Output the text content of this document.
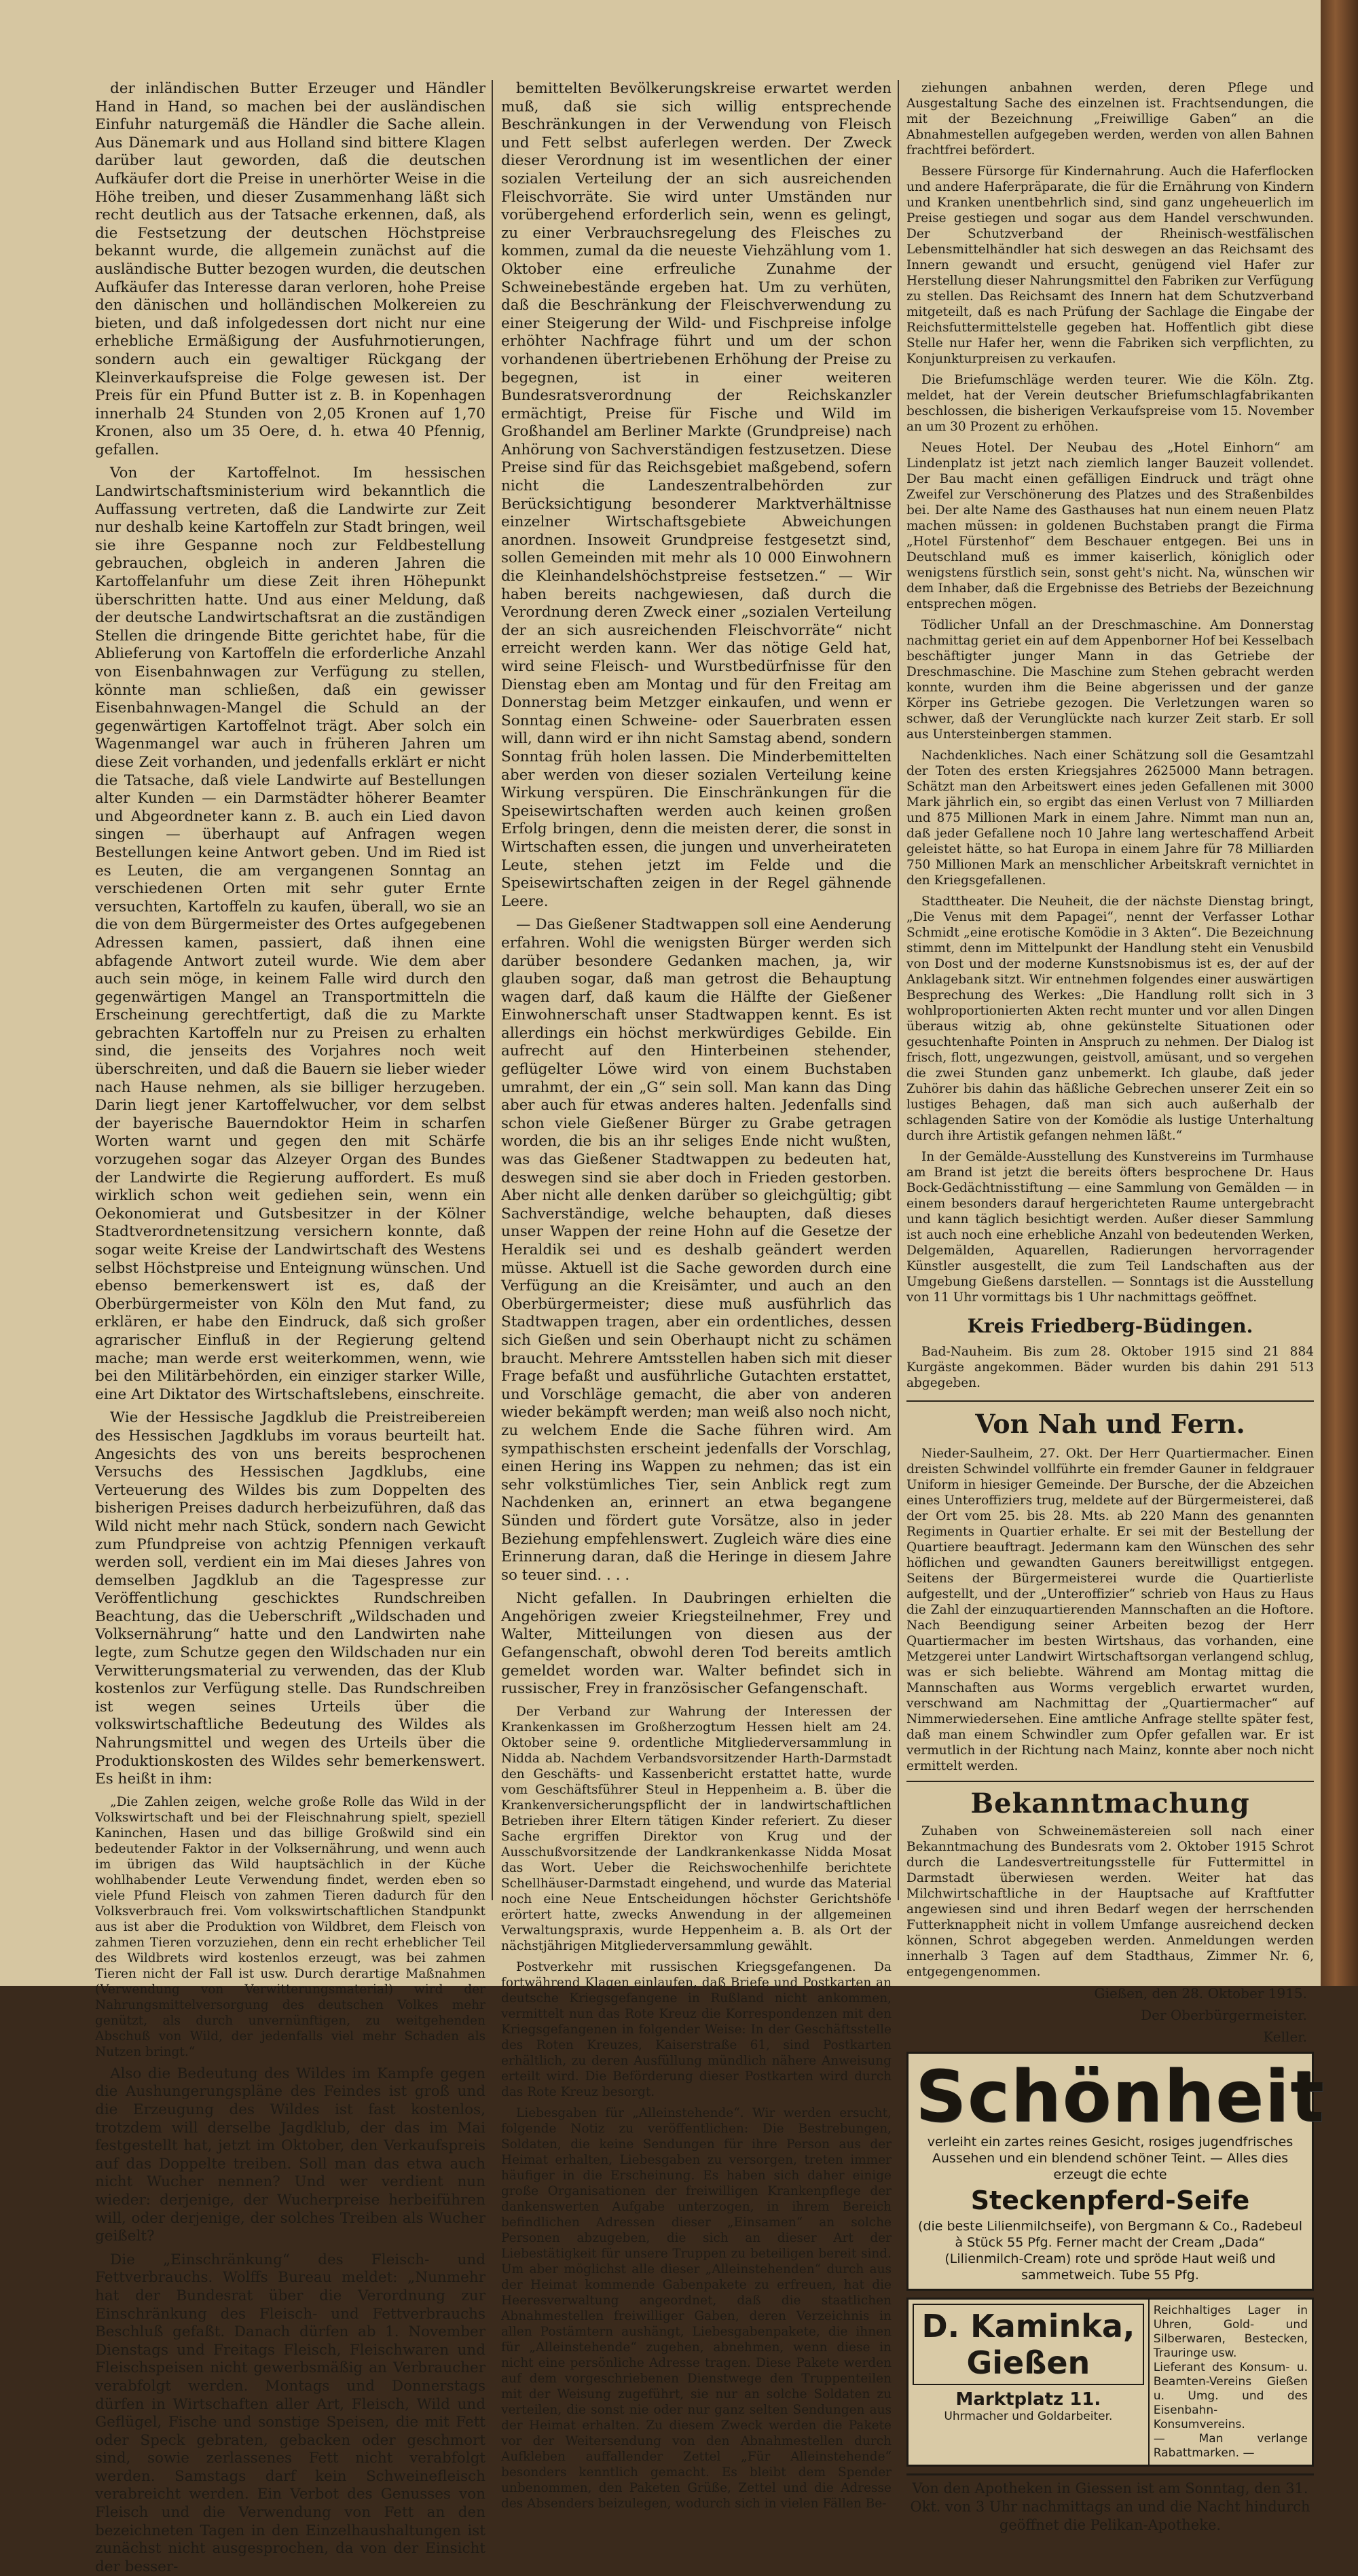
der inländischen Butter Erzeuger und Händler Hand in Hand, so machen bei der ausländischen Einfuhr naturgemäß die Händler die Sache allein. Aus Dänemark und aus Holland sind bittere Klagen darüber laut geworden, daß die deutschen Aufkäufer dort die Preise in unerhörter Weise in die Höhe treiben, und dieser Zusammenhang läßt sich recht deutlich aus der Tatsache erkennen, daß, als die Festsetzung der deutschen Höchstpreise bekannt wurde, die allgemein zunächst auf die ausländische Butter bezogen wurden, die deutschen Aufkäufer das Interesse daran verloren, hohe Preise den dänischen und holländischen Molkereien zu bieten, und daß infolgedessen dort nicht nur eine erhebliche Ermäßigung der Ausfuhrnotierungen, sondern auch ein gewaltiger Rückgang der Kleinverkaufspreise die Folge gewesen ist. Der Preis für ein Pfund Butter ist z. B. in Kopenhagen innerhalb 24 Stunden von 2,05 Kronen auf 1,70 Kronen, also um 35 Oere, d. h. etwa 40 Pfennig, gefallen.

Von der Kartoffelnot. Im hessischen Landwirtschaftsministerium wird bekanntlich die Auffassung vertreten, daß die Landwirte zur Zeit nur deshalb keine Kartoffeln zur Stadt bringen, weil sie ihre Gespanne noch zur Feldbestellung gebrauchen, obgleich in anderen Jahren die Kartoffelanfuhr um diese Zeit ihren Höhepunkt überschritten hatte. Und aus einer Meldung, daß der deutsche Landwirtschaftsrat an die zuständigen Stellen die dringende Bitte gerichtet habe, für die Ablieferung von Kartoffeln die erforderliche Anzahl von Eisenbahnwagen zur Verfügung zu stellen, könnte man schließen, daß ein gewisser Eisenbahnwagen-Mangel die Schuld an der gegenwärtigen Kartoffelnot trägt. Aber solch ein Wagenmangel war auch in früheren Jahren um diese Zeit vorhanden, und jedenfalls erklärt er nicht die Tatsache, daß viele Landwirte auf Bestellungen alter Kunden — ein Darmstädter höherer Beamter und Abgeordneter kann z. B. auch ein Lied davon singen — überhaupt auf Anfragen wegen Bestellungen keine Antwort geben. Und im Ried ist es Leuten, die am vergangenen Sonntag an verschiedenen Orten mit sehr guter Ernte versuchten, Kartoffeln zu kaufen, überall, wo sie an die von dem Bürgermeister des Ortes aufgegebenen Adressen kamen, passiert, daß ihnen eine abfagende Antwort zuteil wurde. Wie dem aber auch sein möge, in keinem Falle wird durch den gegenwärtigen Mangel an Transportmitteln die Erscheinung gerechtfertigt, daß die zu Markte gebrachten Kartoffeln nur zu Preisen zu erhalten sind, die jenseits des Vorjahres noch weit überschreiten, und daß die Bauern sie lieber wieder nach Hause nehmen, als sie billiger herzugeben. Darin liegt jener Kartoffelwucher, vor dem selbst der bayerische Bauerndoktor Heim in scharfen Worten warnt und gegen den mit Schärfe vorzugehen sogar das Alzeyer Organ des Bundes der Landwirte die Regierung auffordert. Es muß wirklich schon weit gediehen sein, wenn ein Oekonomierat und Gutsbesitzer in der Kölner Stadtverordnetensitzung versichern konnte, daß sogar weite Kreise der Landwirtschaft des Westens selbst Höchstpreise und Enteignung wünschen. Und ebenso bemerkenswert ist es, daß der Oberbürgermeister von Köln den Mut fand, zu erklären, er habe den Eindruck, daß sich großer agrarischer Einfluß in der Regierung geltend mache; man werde erst weiterkommen, wenn, wie bei den Militärbehörden, ein einziger starker Wille, eine Art Diktator des Wirtschaftslebens, einschreite.

Wie der Hessische Jagdklub die Preistreibereien des Hessischen Jagdklubs im voraus beurteilt hat. Angesichts des von uns bereits besprochenen Versuchs des Hessischen Jagdklubs, eine Verteuerung des Wildes bis zum Doppelten des bisherigen Preises dadurch herbeizuführen, daß das Wild nicht mehr nach Stück, sondern nach Gewicht zum Pfundpreise von achtzig Pfennigen verkauft werden soll, verdient ein im Mai dieses Jahres von demselben Jagdklub an die Tagespresse zur Veröffentlichung geschicktes Rundschreiben Beachtung, das die Ueberschrift „Wildschaden und Volksernährung“ hatte und den Landwirten nahe legte, zum Schutze gegen den Wildschaden nur ein Verwitterungsmaterial zu verwenden, das der Klub kostenlos zur Verfügung stelle. Das Rundschreiben ist wegen seines Urteils über die volkswirtschaftliche Bedeutung des Wildes als Nahrungsmittel und wegen des Urteils über die Produktionskosten des Wildes sehr bemerkenswert. Es heißt in ihm:

„Die Zahlen zeigen, welche große Rolle das Wild in der Volkswirtschaft und bei der Fleischnahrung spielt, speziell Kaninchen, Hasen und das billige Großwild sind ein bedeutender Faktor in der Volksernährung, und wenn auch im übrigen das Wild hauptsächlich in der Küche wohlhabender Leute Verwendung findet, werden eben so viele Pfund Fleisch von zahmen Tieren dadurch für den Volksverbrauch frei. Vom volkswirtschaftlichen Standpunkt aus ist aber die Produktion von Wildbret, dem Fleisch von zahmen Tieren vorzuziehen, denn ein recht erheblicher Teil des Wildbrets wird kostenlos erzeugt, was bei zahmen Tieren nicht der Fall ist usw. Durch derartige Maßnahmen (Verwendung von Verwitterungsmaterial) wird der Nahrungsmittelversorgung des deutschen Volkes mehr genützt, als durch unvernünftigen, zu weitgehenden Abschuß von Wild, der jedenfalls viel mehr Schaden als Nutzen bringt.“

Also die Bedeutung des Wildes im Kampfe gegen die Aushungerungspläne des Feindes ist groß und die Erzeugung des Wildes ist fast kostenlos, trotzdem will derselbe Jagdklub, der das im Mai festgestellt hat, jetzt im Oktober, den Verkaufspreis auf das Doppelte treiben. Soll man das etwa auch nicht Wucher nennen? Und wer verdient nun wieder: derjenige, der Wucherpreise herbeiführen will, oder derjenige, der solches Treiben als Wucher geißelt?

Die „Einschränkung“ des Fleisch- und Fettverbrauchs. Wolffs Bureau meldet: „Nunmehr hat der Bundesrat über die Verordnung zur Einschränkung des Fleisch- und Fettverbrauchs Beschluß gefaßt. Danach dürfen ab 1. November Dienstags und Freitags Fleisch, Fleischwaren und Fleischspeisen nicht gewerbsmäßig an Verbraucher verabfolgt werden. Montags und Donnerstags dürfen in Wirtschaften aller Art, Fleisch, Wild und Geflügel, Fische und sonstige Speisen, die mit Fett oder Speck gebraten, gebacken oder geschmort sind, sowie zerlassenes Fett nicht verabfolgt werden. Samstags darf kein Schweinefleisch verabreicht werden. Ein Verbot des Genusses von Fleisch und die Verwendung von Fett an den bezeichneten Tagen in den Einzelhaushaltungen ist zunächst nicht ausgesprochen, da von der Einsicht der besser-

bemittelten Bevölkerungskreise erwartet werden muß, daß sie sich willig entsprechende Beschränkungen in der Verwendung von Fleisch und Fett selbst auferlegen werden. Der Zweck dieser Verordnung ist im wesentlichen der einer sozialen Verteilung der an sich ausreichenden Fleischvorräte. Sie wird unter Umständen nur vorübergehend erforderlich sein, wenn es gelingt, zu einer Verbrauchsregelung des Fleisches zu kommen, zumal da die neueste Viehzählung vom 1. Oktober eine erfreuliche Zunahme der Schweinebestände ergeben hat. Um zu verhüten, daß die Beschränkung der Fleischverwendung zu einer Steigerung der Wild- und Fischpreise infolge erhöhter Nachfrage führt und um der schon vorhandenen übertriebenen Erhöhung der Preise zu begegnen, ist in einer weiteren Bundesratsverordnung der Reichskanzler ermächtigt, Preise für Fische und Wild im Großhandel am Berliner Markte (Grundpreise) nach Anhörung von Sachverständigen festzusetzen. Diese Preise sind für das Reichsgebiet maßgebend, sofern nicht die Landeszentralbehörden zur Berücksichtigung besonderer Marktverhältnisse einzelner Wirtschaftsgebiete Abweichungen anordnen. Insoweit Grundpreise festgesetzt sind, sollen Gemeinden mit mehr als 10 000 Einwohnern die Kleinhandelshöchstpreise festsetzen.“ — Wir haben bereits nachgewiesen, daß durch die Verordnung deren Zweck einer „sozialen Verteilung der an sich ausreichenden Fleischvorräte“ nicht erreicht werden kann. Wer das nötige Geld hat, wird seine Fleisch- und Wurstbedürfnisse für den Dienstag eben am Montag und für den Freitag am Donnerstag beim Metzger einkaufen, und wenn er Sonntag einen Schweine- oder Sauerbraten essen will, dann wird er ihn nicht Samstag abend, sondern Sonntag früh holen lassen. Die Minderbemittelten aber werden von dieser sozialen Verteilung keine Wirkung verspüren. Die Einschränkungen für die Speisewirtschaften werden auch keinen großen Erfolg bringen, denn die meisten derer, die sonst in Wirtschaften essen, die jungen und unverheirateten Leute, stehen jetzt im Felde und die Speisewirtschaften zeigen in der Regel gähnende Leere.

— Das Gießener Stadtwappen soll eine Aenderung erfahren. Wohl die wenigsten Bürger werden sich darüber besondere Gedanken machen, ja, wir glauben sogar, daß man getrost die Behauptung wagen darf, daß kaum die Hälfte der Gießener Einwohnerschaft unser Stadtwappen kennt. Es ist allerdings ein höchst merkwürdiges Gebilde. Ein aufrecht auf den Hinterbeinen stehender, geflügelter Löwe wird von einem Buchstaben umrahmt, der ein „G“ sein soll. Man kann das Ding aber auch für etwas anderes halten. Jedenfalls sind schon viele Gießener Bürger zu Grabe getragen worden, die bis an ihr seliges Ende nicht wußten, was das Gießener Stadtwappen zu bedeuten hat, deswegen sind sie aber doch in Frieden gestorben. Aber nicht alle denken darüber so gleichgültig; gibt Sachverständige, welche behaupten, daß dieses unser Wappen der reine Hohn auf die Gesetze der Heraldik sei und es deshalb geändert werden müsse. Aktuell ist die Sache geworden durch eine Verfügung an die Kreisämter, und auch an den Oberbürgermeister; diese muß ausführlich das Stadtwappen tragen, aber ein ordentliches, dessen sich Gießen und sein Oberhaupt nicht zu schämen braucht. Mehrere Amtsstellen haben sich mit dieser Frage befaßt und ausführliche Gutachten erstattet, und Vorschläge gemacht, die aber von anderen wieder bekämpft werden; man weiß also noch nicht, zu welchem Ende die Sache führen wird. Am sympathischsten erscheint jedenfalls der Vorschlag, einen Hering ins Wappen zu nehmen; das ist ein sehr volkstümliches Tier, sein Anblick regt zum Nachdenken an, erinnert an etwa begangene Sünden und fördert gute Vorsätze, also in jeder Beziehung empfehlenswert. Zugleich wäre dies eine Erinnerung daran, daß die Heringe in diesem Jahre so teuer sind. . . .

Nicht gefallen. In Daubringen erhielten die Angehörigen zweier Kriegsteilnehmer, Frey und Walter, Mitteilungen von diesen aus der Gefangenschaft, obwohl deren Tod bereits amtlich gemeldet worden war. Walter befindet sich in russischer, Frey in französischer Gefangenschaft.

Der Verband zur Wahrung der Interessen der Krankenkassen im Großherzogtum Hessen hielt am 24. Oktober seine 9. ordentliche Mitgliederversammlung in Nidda ab. Nachdem Verbandsvorsitzender Harth-Darmstadt den Geschäfts- und Kassenbericht erstattet hatte, wurde vom Geschäftsführer Steul in Heppenheim a. B. über die Krankenversicherungspflicht der in landwirtschaftlichen Betrieben ihrer Eltern tätigen Kinder referiert. Zu dieser Sache ergriffen Direktor von Krug und der Ausschußvorsitzende der Landkrankenkasse Nidda Mosat das Wort. Ueber die Reichswochenhilfe berichtete Schellhäuser-Darmstadt eingehend, und wurde das Material noch eine Neue Entscheidungen höchster Gerichtshöfe erörtert hatte, zwecks Anwendung in der allgemeinen Verwaltungspraxis, wurde Heppenheim a. B. als Ort der nächstjährigen Mitgliederversammlung gewählt.

Postverkehr mit russischen Kriegsgefangenen. Da fortwährend Klagen einlaufen, daß Briefe und Postkarten an deutsche Kriegsgefangene in Rußland nicht ankommen, vermittelt nun das Rote Kreuz die Korrespondenzen mit den Kriegsgefangenen in folgender Weise: In der Geschäftsstelle des Roten Kreuzes, Kaiserstraße 61, sind Postkarten erhältlich, zu deren Ausfüllung mündlich nähere Anweisung erteilt wird. Die Beförderung dieser Postkarten wird durch das Rote Kreuz besorgt.

Liebesgaben für „Alleinstehende“. Wir werden ersucht, folgende Notiz zu veröffentlichen: Die Bestrebungen, Soldaten, die keine Sendungen für ihre Person aus der Heimat erhalten, Liebesgaben zu versorgen, treten immer häufiger in die Erscheinung. Es haben sich daher einige große Organisationen der freiwilligen Krankenpflege der dankenswerten Aufgabe unterzogen, in ihrem Bereich befindlichen Adressen dieser „Einsamen“ an solche Personen abzugeben, die sich an dieser Art der Liebestätigkeit für unsere Truppen zu beteiligen bereit sind. Um aber möglichst alle dieser „Alleinstehenden“ durch aus der Heimat kommende Gabenpakete zu erfreuen, hat die Heeresverwaltung angeordnet, daß die staatlichen Abnahmestellen freiwilliger Gaben, deren Verzeichnis in allen Postämtern aushängt, Liebesgabenpakete, die ihnen für „Alleinstehende“ zugehen, abnehmen, wenn diese in nicht eine persönliche Adresse tragen. Diese Pakete werden auf dem vorgeschriebenen Dienstwege den Truppenteilen mit der Weisung zugeführt, sie nur an solche Soldaten zu verteilen, die sonst nie oder nur ganz selten Sendungen aus der Heimat erhalten. Zu diesem Zweck werden die Pakete vor der Weitersendung von den Abnahmestellen durch Aufkleben auffallender Zettel „Für Alleinstehende“ besonders kenntlich gemacht. Es bleibt dem Spender unbenommen, den Paketen Grüße, Zettel und die Adresse des Absenders beizulegen, wodurch sich in vielen Fällen Be-

ziehungen anbahnen werden, deren Pflege und Ausgestaltung Sache des einzelnen ist. Frachtsendungen, die mit der Bezeichnung „Freiwillige Gaben“ an die Abnahmestellen aufgegeben werden, werden von allen Bahnen frachtfrei befördert.

Bessere Fürsorge für Kindernahrung. Auch die Haferflocken und andere Haferpräparate, die für die Ernährung von Kindern und Kranken unentbehrlich sind, sind ganz ungeheuerlich im Preise gestiegen und sogar aus dem Handel verschwunden. Der Schutzverband der Rheinisch-westfälischen Lebensmittelhändler hat sich deswegen an das Reichsamt des Innern gewandt und ersucht, genügend viel Hafer zur Herstellung dieser Nahrungsmittel den Fabriken zur Verfügung zu stellen. Das Reichsamt des Innern hat dem Schutzverband mitgeteilt, daß es nach Prüfung der Sachlage die Eingabe der Reichsfuttermittelstelle gegeben hat. Hoffentlich gibt diese Stelle nur Hafer her, wenn die Fabriken sich verpflichten, zu Konjunkturpreisen zu verkaufen.

Die Briefumschläge werden teurer. Wie die Köln. Ztg. meldet, hat der Verein deutscher Briefumschlagfabrikanten beschlossen, die bisherigen Verkaufspreise vom 15. November an um 30 Prozent zu erhöhen.

Neues Hotel. Der Neubau des „Hotel Einhorn“ am Lindenplatz ist jetzt nach ziemlich langer Bauzeit vollendet. Der Bau macht einen gefälligen Eindruck und trägt ohne Zweifel zur Verschönerung des Platzes und des Straßenbildes bei. Der alte Name des Gasthauses hat nun einem neuen Platz machen müssen: in goldenen Buchstaben prangt die Firma „Hotel Fürstenhof“ dem Beschauer entgegen. Bei uns in Deutschland muß es immer kaiserlich, königlich oder wenigstens fürstlich sein, sonst geht's nicht. Na, wünschen wir dem Inhaber, daß die Ergebnisse des Betriebs der Bezeichnung entsprechen mögen.

Tödlicher Unfall an der Dreschmaschine. Am Donnerstag nachmittag geriet ein auf dem Appenborner Hof bei Kesselbach beschäftigter junger Mann in das Getriebe der Dreschmaschine. Die Maschine zum Stehen gebracht werden konnte, wurden ihm die Beine abgerissen und der ganze Körper ins Getriebe gezogen. Die Verletzungen waren so schwer, daß der Verunglückte nach kurzer Zeit starb. Er soll aus Untersteinbergen stammen.

Nachdenkliches. Nach einer Schätzung soll die Gesamtzahl der Toten des ersten Kriegsjahres 2625000 Mann betragen. Schätzt man den Arbeitswert eines jeden Gefallenen mit 3000 Mark jährlich ein, so ergibt das einen Verlust von 7 Milliarden und 875 Millionen Mark in einem Jahre. Nimmt man nun an, daß jeder Gefallene noch 10 Jahre lang werteschaffend Arbeit geleistet hätte, so hat Europa in einem Jahre für 78 Milliarden 750 Millionen Mark an menschlicher Arbeitskraft vernichtet in den Kriegsgefallenen.

Stadttheater. Die Neuheit, die der nächste Dienstag bringt, „Die Venus mit dem Papagei“, nennt der Verfasser Lothar Schmidt „eine erotische Komödie in 3 Akten“. Die Bezeichnung stimmt, denn im Mittelpunkt der Handlung steht ein Venusbild von Dost und der moderne Kunstsnobismus ist es, der auf der Anklagebank sitzt. Wir entnehmen folgendes einer auswärtigen Besprechung des Werkes: „Die Handlung rollt sich in 3 wohlproportionierten Akten recht munter und vor allen Dingen überaus witzig ab, ohne gekünstelte Situationen oder gesuchtenhafte Pointen in Anspruch zu nehmen. Der Dialog ist frisch, flott, ungezwungen, geistvoll, amüsant, und so vergehen die zwei Stunden ganz unbemerkt. Ich glaube, daß jeder Zuhörer bis dahin das häßliche Gebrechen unserer Zeit ein so lustiges Behagen, daß man sich auch außerhalb der schlagenden Satire von der Komödie als lustige Unterhaltung durch ihre Artistik gefangen nehmen läßt.“

In der Gemälde-Ausstellung des Kunstvereins im Turmhause am Brand ist jetzt die bereits öfters besprochene Dr. Haus Bock-Gedächtnisstiftung — eine Sammlung von Gemälden — in einem besonders darauf hergerichteten Raume untergebracht und kann täglich besichtigt werden. Außer dieser Sammlung ist auch noch eine erhebliche Anzahl von bedeutenden Werken, Delgemälden, Aquarellen, Radierungen hervorragender Künstler ausgestellt, die zum Teil Landschaften aus der Umgebung Gießens darstellen. — Sonntags ist die Ausstellung von 11 Uhr vormittags bis 1 Uhr nachmittags geöffnet.

Kreis Friedberg-Büdingen.

Bad-Nauheim. Bis zum 28. Oktober 1915 sind 21 884 Kurgäste angekommen. Bäder wurden bis dahin 291 513 abgegeben.

Von Nah und Fern.

Nieder-Saulheim, 27. Okt. Der Herr Quartiermacher. Einen dreisten Schwindel vollführte ein fremder Gauner in feldgrauer Uniform in hiesiger Gemeinde. Der Bursche, der die Abzeichen eines Unteroffiziers trug, meldete auf der Bürgermeisterei, daß der Ort vom 25. bis 28. Mts. ab 220 Mann des genannten Regiments in Quartier erhalte. Er sei mit der Bestellung der Quartiere beauftragt. Jedermann kam den Wünschen des sehr höflichen und gewandten Gauners bereitwilligst entgegen. Seitens der Bürgermeisterei wurde die Quartierliste aufgestellt, und der „Unteroffizier“ schrieb von Haus zu Haus die Zahl der einzuquartierenden Mannschaften an die Hoftore. Nach Beendigung seiner Arbeiten bezog der Herr Quartiermacher im besten Wirtshaus, das vorhanden, eine Metzgerei unter Landwirt Wirtschaftsorgan verlangend schlug, was er sich beliebte. Während am Montag mittag die Mannschaften aus Worms vergeblich erwartet wurden, verschwand am Nachmittag der „Quartiermacher“ auf Nimmerwiedersehen. Eine amtliche Anfrage stellte später fest, daß man einem Schwindler zum Opfer gefallen war. Er ist vermutlich in der Richtung nach Mainz, konnte aber noch nicht ermittelt werden.

Bekanntmachung

Zuhaben von Schweinemästereien soll nach einer Bekanntmachung des Bundesrats vom 2. Oktober 1915 Schrot durch die Landesvertreitungsstelle für Futtermittel in Darmstadt überwiesen werden. Weiter hat das Milchwirtschaftliche in der Hauptsache auf Kraftfutter angewiesen sind und ihren Bedarf wegen der herrschenden Futterknappheit nicht in vollem Umfange ausreichend decken können, Schrot abgegeben werden. Anmeldungen werden innerhalb 3 Tagen auf dem Stadthaus, Zimmer Nr. 6, entgegengenommen.

Gießen, den 28. Oktober 1915.
Der Oberbürgermeister.
Keller.
Schönheit
verleiht ein zartes reines Gesicht, rosiges jugendfrisches Aussehen und ein blendend schöner Teint. — Alles dies erzeugt die echte
Steckenpferd-Seife
(die beste Lilienmilchseife), von Bergmann & Co., Radebeul à Stück 55 Pfg. Ferner macht der Cream „Dada“ (Lilienmilch-Cream) rote und spröde Haut weiß und sammetweich. Tube 55 Pfg.
D. Kaminka, Gießen
Marktplatz 11.
Uhrmacher und Goldarbeiter.
Reichhaltiges Lager in Uhren, Gold- und Silberwaren, Bestecken, Trauringe usw.
Lieferant des Konsum- u. Beamten-Vereins Gießen u. Umg. und des Eisenbahn-Konsumvereins.
— Man verlange Rabattmarken. —
Von den Apotheken in Giessen ist am Sonntag, den 31. Okt. von 3 Uhr nachmittags an und die Nacht hindurch geöffnet die Pelikan-Apotheke.
